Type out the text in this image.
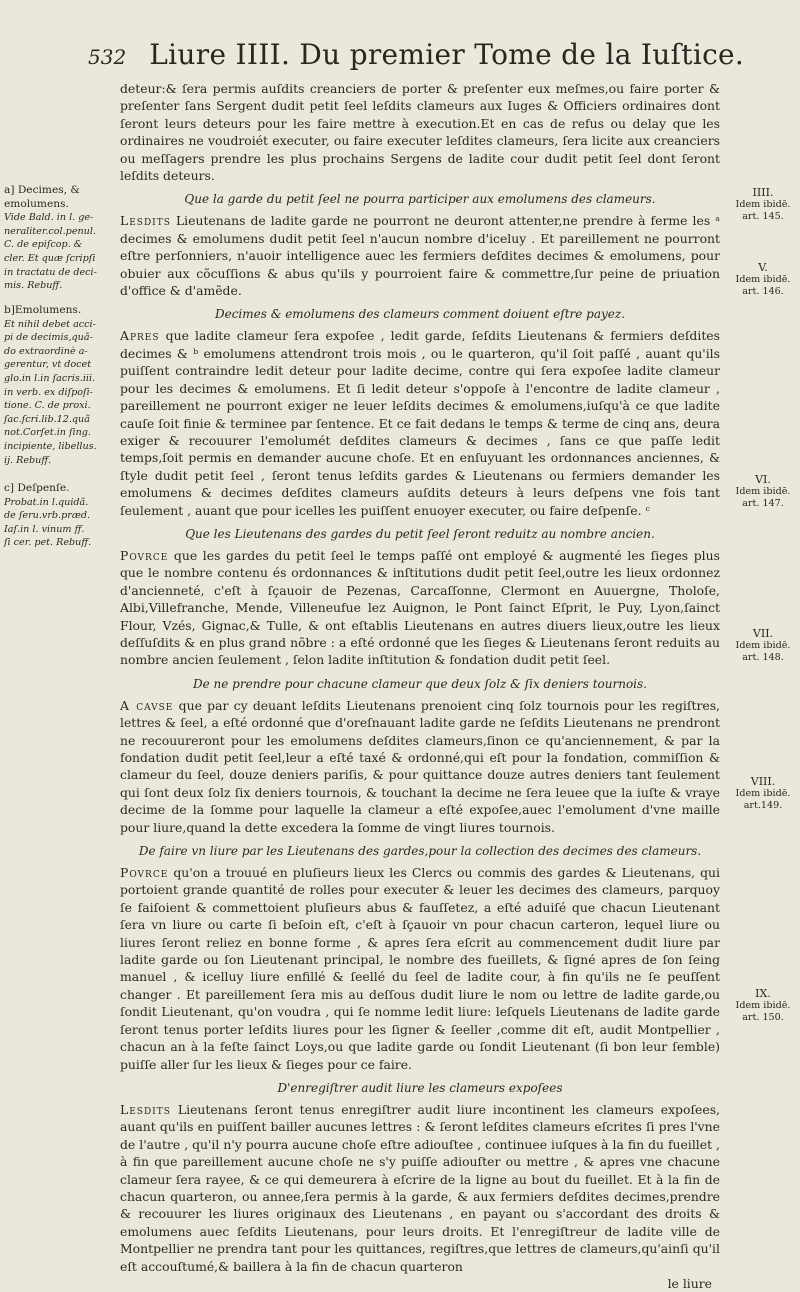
532 Liure IIII. Du premier Tome de la Iuſtice.

deteur:& ſera permis auſdits creanciers de porter & preſenter eux meſmes,ou faire porter & preſenter ſans Sergent dudit petit ſeel leſdits clameurs aux Iuges & Officiers ordinaires dont ſeront leurs deteurs pour les faire mettre à execution.Et en cas de refus ou delay que les ordinaires ne voudroiét executer, ou faire executer leſdites clameurs, ſera licite aux creanciers ou meſſagers prendre les plus prochains Sergens de ladite cour dudit petit ſeel dont ſeront leſdits deteurs.

Que la garde du petit ſeel ne pourra participer aux emolumens des clameurs.

Lesdits Lieutenans de ladite garde ne pourront ne deuront attenter,ne prendre à ferme les ᵃ decimes & emolumens dudit petit ſeel n'aucun nombre d'iceluy . Et pareillement ne pourront eſtre perſonniers, n'auoir intelligence auec les fermiers deſdites decimes & emolumens, pour obuier aux cõcuſſions & abus qu'ils y pourroient faire & commettre,ſur peine de priuation d'office & d'amẽde.

Decimes & emolumens des clameurs comment doiuent eſtre payez.

Apres que ladite clameur ſera expoſee , ledit garde, ſeſdits Lieutenans & fermiers deſdites decimes & ᵇ emolumens attendront trois mois , ou le quarteron, qu'il ſoit paſſé , auant qu'ils puiſſent contraindre ledit deteur pour ladite decime, contre qui ſera expoſee ladite clameur pour les decimes & emolumens. Et ſi ledit deteur s'oppoſe à l'encontre de ladite clameur , pareillement ne pourront exiger ne leuer leſdits decimes & emolumens,iuſqu'à ce que ladite cauſe ſoit finie & terminee par ſentence. Et ce fait dedans le temps & terme de cinq ans, deura exiger & recouurer l'emolumét deſdites clameurs & decimes , ſans ce que paſſe ledit temps,ſoit permis en demander aucune choſe. Et en enſuyuant les ordonnances anciennes, & ſtyle dudit petit ſeel , ſeront tenus leſdits gardes & Lieutenans ou fermiers demander les emolumens & decimes deſdites clameurs auſdits deteurs à leurs deſpens vne fois tant ſeulement , auant que pour icelles les puiſſent enuoyer executer, ou faire deſpenſe. ᶜ

Que les Lieutenans des gardes du petit ſeel ſeront reduitz au nombre ancien.

Povrce que les gardes du petit ſeel le temps paſſé ont employé & augmenté les ſieges plus que le nombre contenu és ordonnances & inſtitutions dudit petit ſeel,outre les lieux ordonnez d'ancienneté, c'eſt à ſçauoir de Pezenas, Carcaſſonne, Clermont en Auuergne, Tholoſe, Albi,Villefranche, Mende, Villeneufue lez Auignon, le Pont ſainct Eſprit, le Puy, Lyon,ſainct Flour, Vzés, Gignac,& Tulle, & ont eſtablis Lieutenans en autres diuers lieux,outre les lieux deſſuſdits & en plus grand nõbre : a eſté ordonné que les ſieges & Lieutenans ſeront reduits au nombre ancien ſeulement , ſelon ladite inſtitution & fondation dudit petit ſeel.

De ne prendre pour chacune clameur que deux ſolz & ſix deniers tournois.

A cavse que par cy deuant leſdits Lieutenans prenoient cinq ſolz tournois pour les regiſtres, lettres & ſeel, a eſté ordonné que d'oreſnauant ladite garde ne ſeſdits Lieutenans ne prendront ne recouureront pour les emolumens deſdites clameurs,ſinon ce qu'anciennement, & par la fondation dudit petit ſeel,leur a eſté taxé & ordonné,qui eſt pour la fondation, commiſſion & clameur du ſeel, douze deniers pariſis, & pour quittance douze autres deniers tant ſeulement qui ſont deux ſolz ſix deniers tournois, & touchant la decime ne ſera leuee que la iuſte & vraye decime de la ſomme pour laquelle la clameur a eſté expoſee,auec l'emolument d'vne maille pour liure,quand la dette excedera la ſomme de vingt liures tournois.

De faire vn liure par les Lieutenans des gardes,pour la collection des decimes des clameurs.

Povrce qu'on a trouué en pluſieurs lieux les Clercs ou commis des gardes & Lieutenans, qui portoient grande quantité de rolles pour executer & leuer les decimes des clameurs, parquoy ſe faiſoient & commettoient pluſieurs abus & fauſſetez, a eſté aduiſé que chacun Lieutenant ſera vn liure ou carte ſi beſoin eſt, c'eſt à ſçauoir vn pour chacun carteron, lequel liure ou liures ſeront reliez en bonne forme , & apres ſera eſcrit au commencement dudit liure par ladite garde ou ſon Lieutenant principal, le nombre des fueillets, & ſigné apres de ſon ſeing manuel , & icelluy liure enfillé & ſeellé du ſeel de ladite cour, à fin qu'ils ne ſe peuſſent changer . Et pareillement ſera mis au deſſous dudit liure le nom ou lettre de ladite garde,ou ſondit Lieutenant, qu'on voudra , qui ſe nomme ledit liure: leſquels Lieutenans de ladite garde ſeront tenus porter leſdits liures pour les ſigner & ſeeller ,comme dit eſt, audit Montpellier , chacun an à la feſte ſainct Loys,ou que ladite garde ou ſondit Lieutenant (ſi bon leur ſemble) puiſſe aller ſur les lieux & ſieges pour ce faire.

D'enregiſtrer audit liure les clameurs expoſees

Lesdits Lieutenans ſeront tenus enregiſtrer audit liure incontinent les clameurs expoſees, auant qu'ils en puiſſent bailler aucunes lettres : & ſeront leſdites clameurs eſcrites ſi pres l'vne de l'autre , qu'il n'y pourra aucune choſe eſtre adiouſtee , continuee iuſques à la fin du fueillet , à fin que pareillement aucune choſe ne s'y puiſſe adiouſter ou mettre , & apres vne chacune clameur ſera rayee, & ce qui demeurera à eſcrire de la ligne au bout du fueillet. Et à la fin de chacun quarteron, ou annee,ſera permis à la garde, & aux fermiers deſdites decimes,prendre & recouurer les liures originaux des Lieutenans , en payant ou s'accordant des droits & emolumens auec ſeſdits Lieutenans, pour leurs droits. Et l'enregiſtreur de ladite ville de Montpellier ne prendra tant pour les quittances, regiſtres,que lettres de clameurs,qu'ainſi qu'il eſt accouſtumé,& baillera à la fin de chacun quarteron

le liure

a] Decimes, &
emolumens.
Vide Bald. in l. ge-
neraliter.col.penul.
C. de epiſcop. &
cler. Et quæ ſcripſi
in tractatu de deci-
mis. Rebuff.
b]Emolumens.
Et nihil debet acci-
pi de decimis,quã-
do extraordinè a-
gerentur, vt docet
glo.in l.in ſacris.iii.
in verb. ex diſpoſi-
tione. C. de proxi.
ſac.ſcri.lib.12.quã
not.Corſet.in ſing.
incipiente, libellus.
ij. Rebuff.
c] Deſpenſe.
Probat.in l.quidã.
de ſeru.vrb.præd.
Iaſ.in l. vinum ff.
ſi cer. pet. Rebuff.
IIII.
Idem ibidē.
art. 145.
V.
Idem ibidē.
art. 146.
VI.
Idem ibidē.
art. 147.
VII.
Idem ibidē.
art. 148.
VIII.
Idem ibidē.
art.149.
IX.
Idem ibidē.
art. 150.
